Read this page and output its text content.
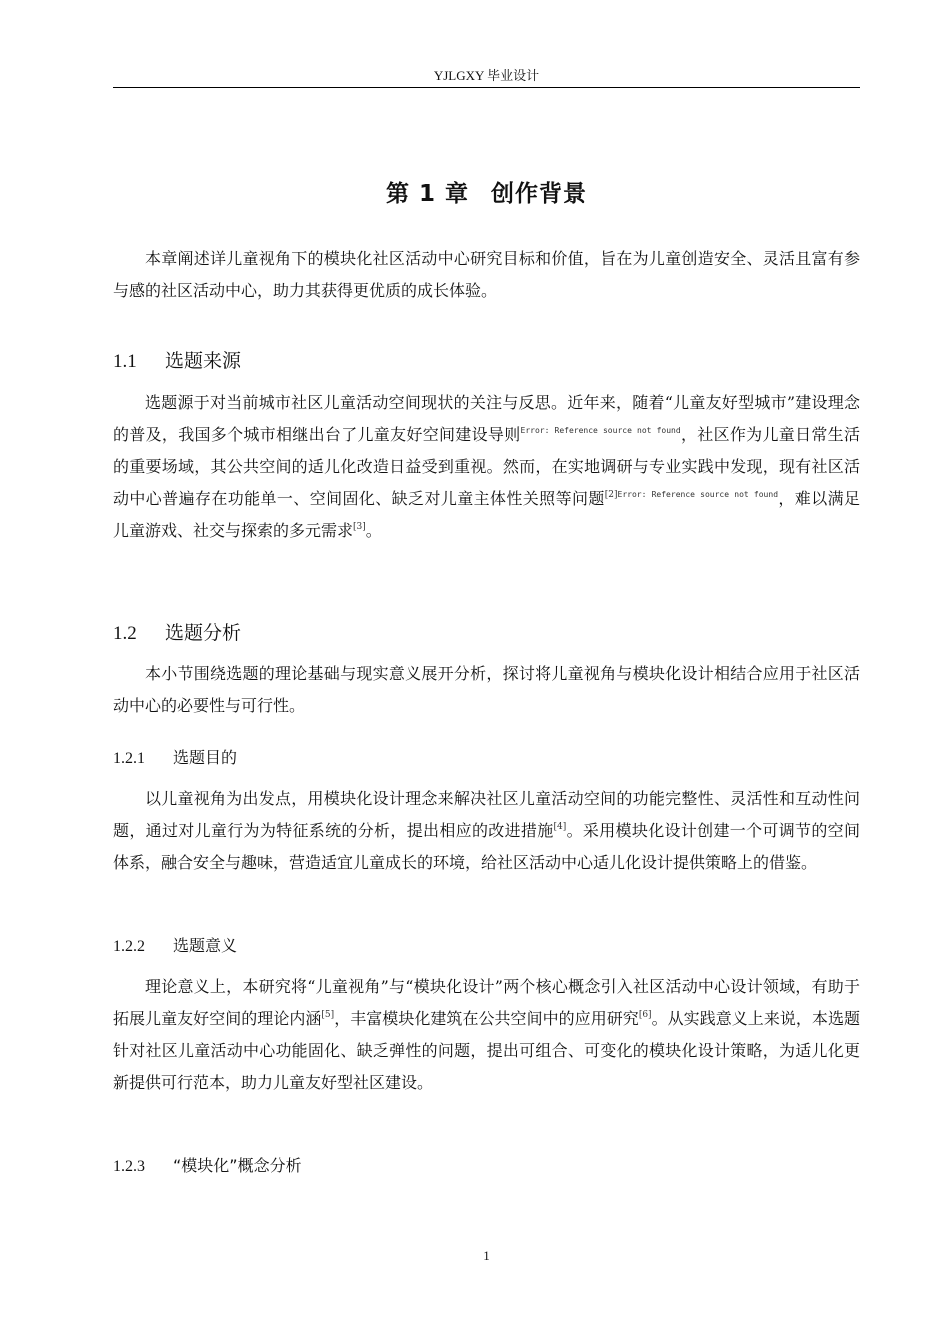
YJLGXY 毕业设计
第 1 章 创作背景

本章阐述详儿童视角下的模块化社区活动中心研究目标和价值，旨在为儿童创造安全、灵活且富有参与感的社区活动中心，助力其获得更优质的成长体验。

1.1 选题来源

选题源于对当前城市社区儿童活动空间现状的关注与反思。近年来，随着“儿童友好型城市”建设理念的普及，我国多个城市相继出台了儿童友好空间建设导则$^{Error: Reference source not found}$，社区作为儿童日常生活的重要场域，其公共空间的适儿化改造日益受到重视。然而，在实地调研与专业实践中发现，现有社区活动中心普遍存在功能单一、空间固化、缺乏对儿童主体性关照等问题$^{[2]Error: Reference source not found}$，难以满足儿童游戏、社交与探索的多元需求[3]。

1.2 选题分析

本小节围绕选题的理论基础与现实意义展开分析，探讨将儿童视角与模块化设计相结合应用于社区活动中心的必要性与可行性。

1.2.1 选题目的

以儿童视角为出发点，用模块化设计理念来解决社区儿童活动空间的功能完整性、灵活性和互动性问题，通过对儿童行为为特征系统的分析，提出相应的改进措施[4]。采用模块化设计创建一个可调节的空间体系，融合安全与趣味，营造适宜儿童成长的环境，给社区活动中心适儿化设计提供策略上的借鉴。

1.2.2 选题意义

理论意义上，本研究将“儿童视角”与“模块化设计”两个核心概念引入社区活动中心设计领域，有助于拓展儿童友好空间的理论内涵[5]，丰富模块化建筑在公共空间中的应用研究[6]。从实践意义上来说，本选题针对社区儿童活动中心功能固化、缺乏弹性的问题，提出可组合、可变化的模块化设计策略，为适儿化更新提供可行范本，助力儿童友好型社区建设。

1.2.3 “模块化”概念分析
1
